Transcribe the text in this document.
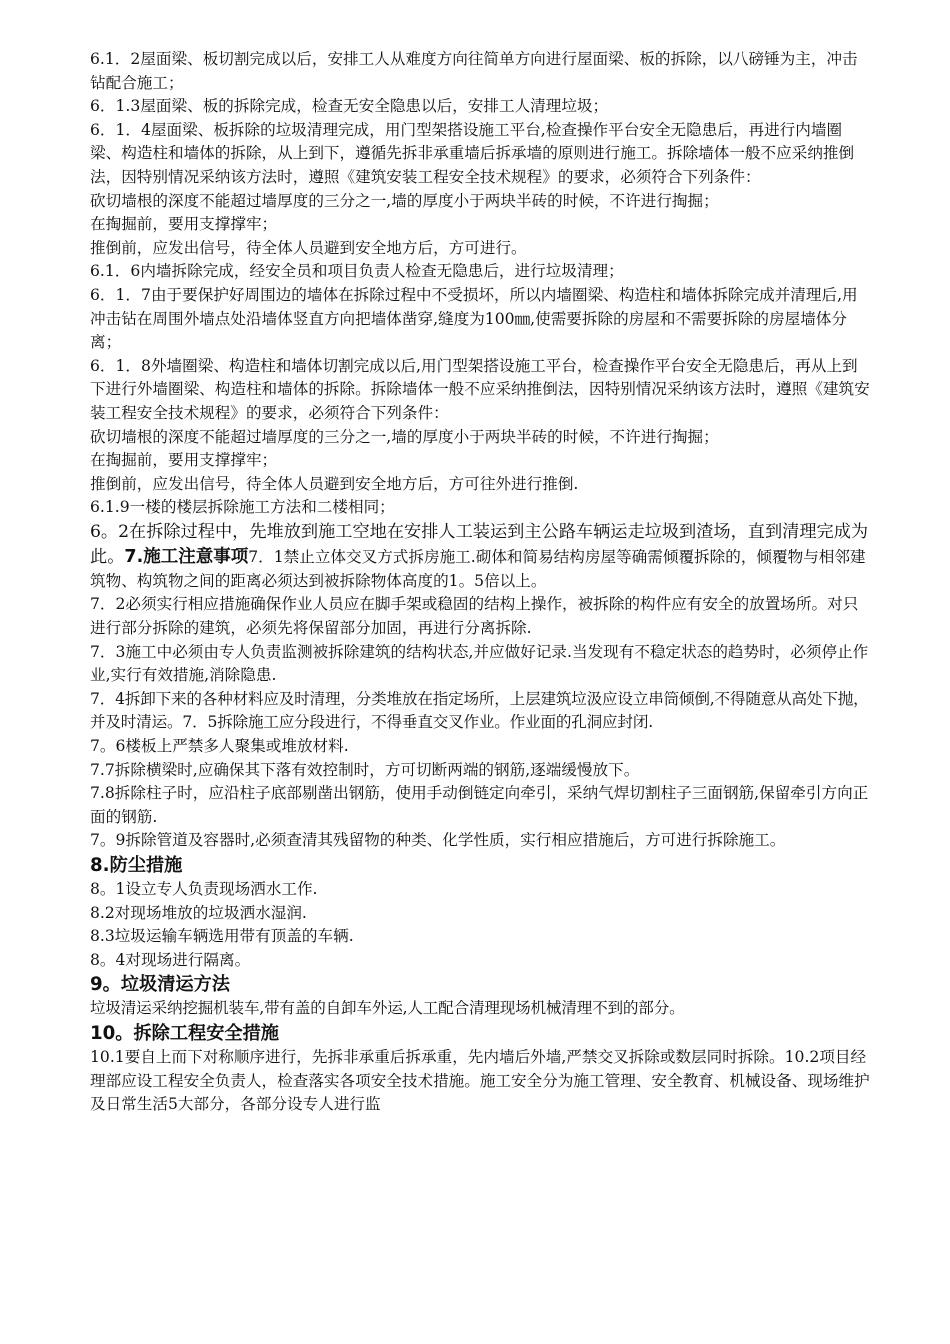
6.1．2屋面梁、板切割完成以后，安排工人从难度方向往简单方向进行屋面梁、板的拆除，以八磅锤为主，冲击钻配合施工；

6．1.3屋面梁、板的拆除完成，检查无安全隐患以后，安排工人清理垃圾；

6．1．4屋面梁、板拆除的垃圾清理完成，用门型架搭设施工平台,检查操作平台安全无隐患后，再进行内墙圈梁、构造柱和墙体的拆除，从上到下，遵循先拆非承重墙后拆承墙的原则进行施工。拆除墙体一般不应采纳推倒法，因特别情况采纳该方法时，遵照《建筑安装工程安全技术规程》的要求，必须符合下列条件：

砍切墙根的深度不能超过墙厚度的三分之一,墙的厚度小于两块半砖的时候，不许进行掏掘；

在掏掘前，要用支撑撑牢；

推倒前，应发出信号，待全体人员避到安全地方后，方可进行。

6.1．6内墙拆除完成，经安全员和项目负责人检查无隐患后，进行垃圾清理；

6．1．7由于要保护好周围边的墙体在拆除过程中不受损坏，所以内墙圈梁、构造柱和墙体拆除完成并清理后,用冲击钻在周围外墙点处沿墙体竖直方向把墙体凿穿,缝度为100㎜,使需要拆除的房屋和不需要拆除的房屋墙体分离；

6．1．8外墙圈梁、构造柱和墙体切割完成以后,用门型架搭设施工平台，检查操作平台安全无隐患后，再从上到下进行外墙圈梁、构造柱和墙体的拆除。拆除墙体一般不应采纳推倒法，因特别情况采纳该方法时，遵照《建筑安装工程安全技术规程》的要求，必须符合下列条件：

砍切墙根的深度不能超过墙厚度的三分之一,墙的厚度小于两块半砖的时候，不许进行掏掘；

在掏掘前，要用支撑撑牢；

推倒前，应发出信号，待全体人员避到安全地方后，方可往外进行推倒.

6.1.9一楼的楼层拆除施工方法和二楼相同；

6。2在拆除过程中，先堆放到施工空地在安排人工装运到主公路车辆运走垃圾到渣场，直到清理完成为此。7.施工注意事项7．1禁止立体交叉方式拆房施工.砌体和简易结构房屋等确需倾覆拆除的，倾覆物与相邻建筑物、构筑物之间的距离必须达到被拆除物体高度的1。5倍以上。

7．2必须实行相应措施确保作业人员应在脚手架或稳固的结构上操作，被拆除的构件应有安全的放置场所。对只进行部分拆除的建筑，必须先将保留部分加固，再进行分离拆除.

7．3施工中必须由专人负责监测被拆除建筑的结构状态,并应做好记录.当发现有不稳定状态的趋势时，必须停止作业,实行有效措施,消除隐患.

7．4拆卸下来的各种材料应及时清理，分类堆放在指定场所，上层建筑垃汲应设立串筒倾倒,不得随意从高处下抛，并及时清运。7．5拆除施工应分段进行，不得垂直交叉作业。作业面的孔洞应封闭.

7。6楼板上严禁多人聚集或堆放材料.

7.7拆除横梁时,应确保其下落有效控制时，方可切断两端的钢筋,逐端缓慢放下。

7.8拆除柱子时，应沿柱子底部剔凿出钢筋，使用手动倒链定向牵引，采纳气焊切割柱子三面钢筋,保留牵引方向正面的钢筋.

7。9拆除管道及容器时,必须查清其残留物的种类、化学性质，实行相应措施后，方可进行拆除施工。

8.防尘措施

8。1设立专人负责现场洒水工作.

8.2对现场堆放的垃圾洒水湿润.

8.3垃圾运输车辆选用带有顶盖的车辆.

8。4对现场进行隔离。

9。垃圾清运方法

垃圾清运采纳挖掘机装车,带有盖的自卸车外运,人工配合清理现场机械清理不到的部分。

10。拆除工程安全措施

10.1要自上而下对称顺序进行，先拆非承重后拆承重，先内墙后外墙,严禁交叉拆除或数层同时拆除。10.2项目经理部应设工程安全负责人，检查落实各项安全技术措施。施工安全分为施工管理、安全教育、机械设备、现场维护及日常生活5大部分，各部分设专人进行监
